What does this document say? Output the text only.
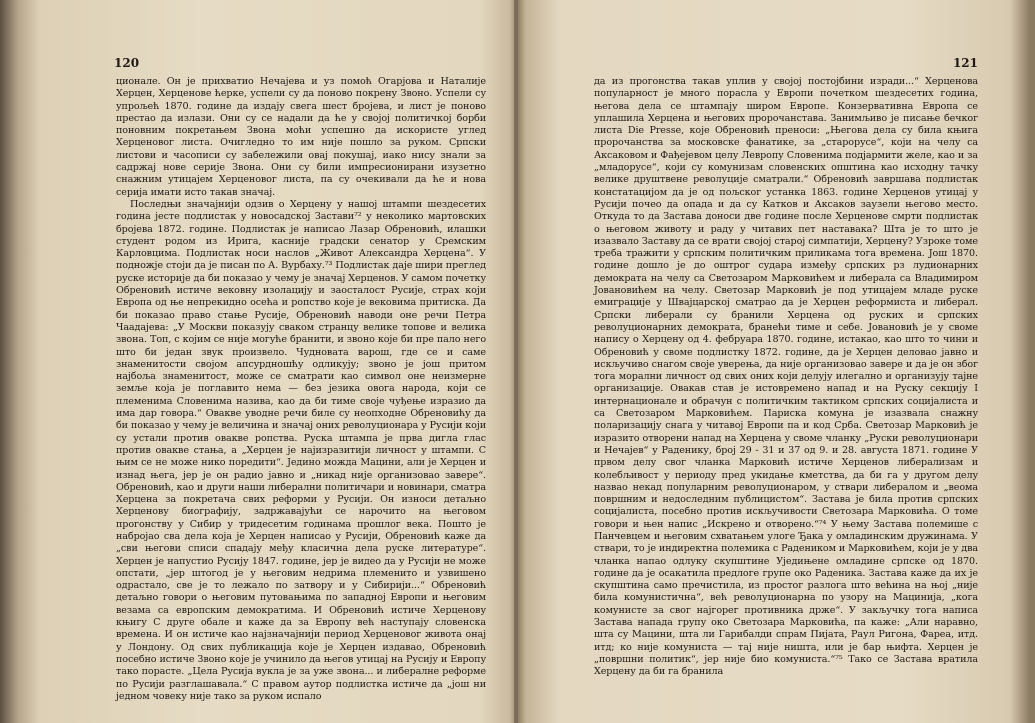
120

ционале. Он је прихватио Нечајева и уз помоћ Огарјова и Наталије Херцен, Херценове ћерке, успели су да поново покрену Звоно. Успели су упрољећ 1870. године да издају свега шест бројева, и лист је поново престао да излази. Они су се надали да ће у својој политичкој борби поновним покретањем Звона моћи успешно да искористе углед Херценовог листа. Очигледно то им није пошло за руком. Српски листови и часописи су забележили овај покушај, иако нису знали за садржај нове серије Звона. Они су били импресионирани изузетно снажним утицајем Херценовог листа, па су очекивали да ће и нова серија имати исто такав значај.

Последњи значајнији одзив о Херцену у нашој штампи шездесетих година јесте подлистак у новосадској Застави⁷² у неколико мартовских бројева 1872. године. Подлистак је написао Лазар Обреновић, илашки студент родом из Ирига, касније градски сенатор у Сремским Карловцима. Подлистак носи наслов „Живот Александра Херцена“. У подножје стоји да је писан по А. Вурбаху.⁷³ Подлистак даје шири преглед руске историје да би показао у чему је значај Херценов. У самом почетку Обреновић истиче вековну изолацију и заосталост Русије, страх који Европа од ње непрекидно осећа и ропство које је вековима притиска. Да би показао право стање Русије, Обреновић наводи оне речи Петра Чаадајева: „У Москви показују сваком странцу велике топове и велика звона. Топ, с којим се није могуће бранити, и звоно које би пре пало него што би један звук произвело. Чудновата варош, где се и саме знаменитости својом апсурдношћу одликују; звоно је још притом најбоља знаменитост, може се сматрати као символ оне неизмерне земље која је поглавито нема — без језика овога народа, који се племенима Словенима назива, као да би тиме своје чуђење изразио да има дар говора.“ Овакве уводне речи биле су неопходне Обреновићу да би показао у чему је величина и значај оних револуционара у Русији који су устали против овакве ропства. Руска штампа је прва дигла глас против овакве стања, а „Херцен је најизразитији личност у штампи. С њим се не може нико поредити“. Једино можда Мацини, али је Херцен и изнад њега, јер је он радио јавно и „никад није организовао завере“. Обреновић, као и други наши либерални политичари и новинари, сматра Херцена за покретача свих реформи у Русији. Он износи детаљно Херценову биографију, задржавајући се нарочито на његовом прогонству у Сибир у тридесетим годинама прошлог века. Пошто је набројао сва дела која је Херцен написао у Русији, Обреновић каже да „сви његови списи спадају међу класична дела руске литературе“. Херцен је напустио Русију 1847. године, јер је видео да у Русији не може опстати, „јер штогод је у његовим недрима племенито и узвишено одрастало, све је то лежало по затвору и у Сибирији...“ Обреновић детаљно говори о његовим путовањима по западној Европи и његовим везама са европским демократима. И Обреновић истиче Херценову књигу С друге обале и каже да за Европу већ наступају словенска времена. И он истиче као најзначајнији период Херценовог живота онај у Лондону. Од свих публикација које је Херцен издавао, Обреновић посебно истиче Звоно које је учинило да његов утицај на Русију и Европу тако порасте. „Цела Русија вукла је за уже звона... и либералне реформе по Русији разглашавала.“ С правом аутор подлистка истиче да „још ни једном човеку није тако за руком испало

121

да из прогонства такав уплив у својој постојбини изради...“ Херценова популарност је много порасла у Европи почетком шездесетих година, његова дела се штампају широм Европе. Конзервативна Европа се уплашила Херцена и његових пророчанстава. Занимљиво је писање бечког листа Die Presse, које Обреновић преноси: „Његова дела су била књига пророчанства за московске фанатике, за „старорусе“, који на челу са Аксаковом и Фађејевом целу Левропу Словенима подјармити желе, као и за „младорусе“, који су комунизам словенских општина као исходну тачку велике друштвене револуције сматрали.“ Обреновић завршава подлистак констатацијом да је од пољског устанка 1863. године Херценов утицај у Русији почео да опада и да су Катков и Аксаков заузели његово место. Откуда то да Застава доноси две године после Херценове смрти подлистак о његовом животу и раду у читавих пет наставака? Шта је то што је изазвало Заставу да се врати својој старој симпатији, Херцену? Узроке томе треба тражити у српским политичким приликама тога времена. Још 1870. године дошло је до оштрог судара између српских рз лудионарних демократа на челу са Светозаром Марковићем и либерала са Владимиром Јовановићем на челу. Светозар Марковић је под утицајем младе руске емиграције у Швајцарској сматрао да је Херцен реформиста и либерал. Српски либерали су бранили Херцена од руских и српских револуционарних демократа, бранећи тиме и себе. Јовановић је у своме напису о Херцену од 4. фебруара 1870. године, истакао, као што то чини и Обреновић у своме подлистку 1872. године, да је Херцен деловао јавно и искључиво снагом своје уверења, да није организовао завере и да је он због тога морални личност од свих оних који делују илегално и организују тајне организације. Овакав став је истовремено напад и на Руску секцију I интернационале и обрачун с политичким тактиком српских социјалиста и са Светозаром Марковићем. Париска комуна је изазвала снажну поларизацију снага у читавој Европи па и код Срба. Светозар Марковић је изразито отворени напад на Херцена у своме чланку „Руски револуционари и Нечајев“ у Раденику, број 29 - 31 и 37 од 9. и 28. августа 1871. године У првом делу свог чланка Марковић истиче Херценов либерализам и колебљивост у периоду пред укидање кметства, да би га у другом делу назвао некад популарним револуционаром, у ствари либералом и „веома површним и недоследним публицистом“. Застава је била против српских социјалиста, посебно против искључивости Светозара Марковића. О томе говори и њен напис „Искрено и отворено.“⁷⁴ У њему Застава полемише с Панчевцем и његовим схватањем улоге Ђака у омладинским дружинама. У ствари, то је индиректна полемика с Радеником и Марковићем, који је у два чланка напао одлуку скупштине Уједињене омладине српске од 1870. године да је осакатила предлоге групе око Раденика. Застава каже да их је скупштина само пречистила, из простог разлога што већина на њој „није била комунистична“, већ револуционарна по узору на Мацинија, „кога комунисте за свог најгорег противника држе“. У закључку тога написа Застава напада групу око Светозара Марковића, па каже: „Али наравно, шта су Мацини, шта ли Гарибалди спрам Пијата, Раул Ригона, Фареа, итд. итд; ко није комуниста — тај није ништа, или је бар њифта. Херцен је „површни политик“, јер није био комуниста.“⁷⁵ Тако се Застава вратила Херцену да би га бранила
